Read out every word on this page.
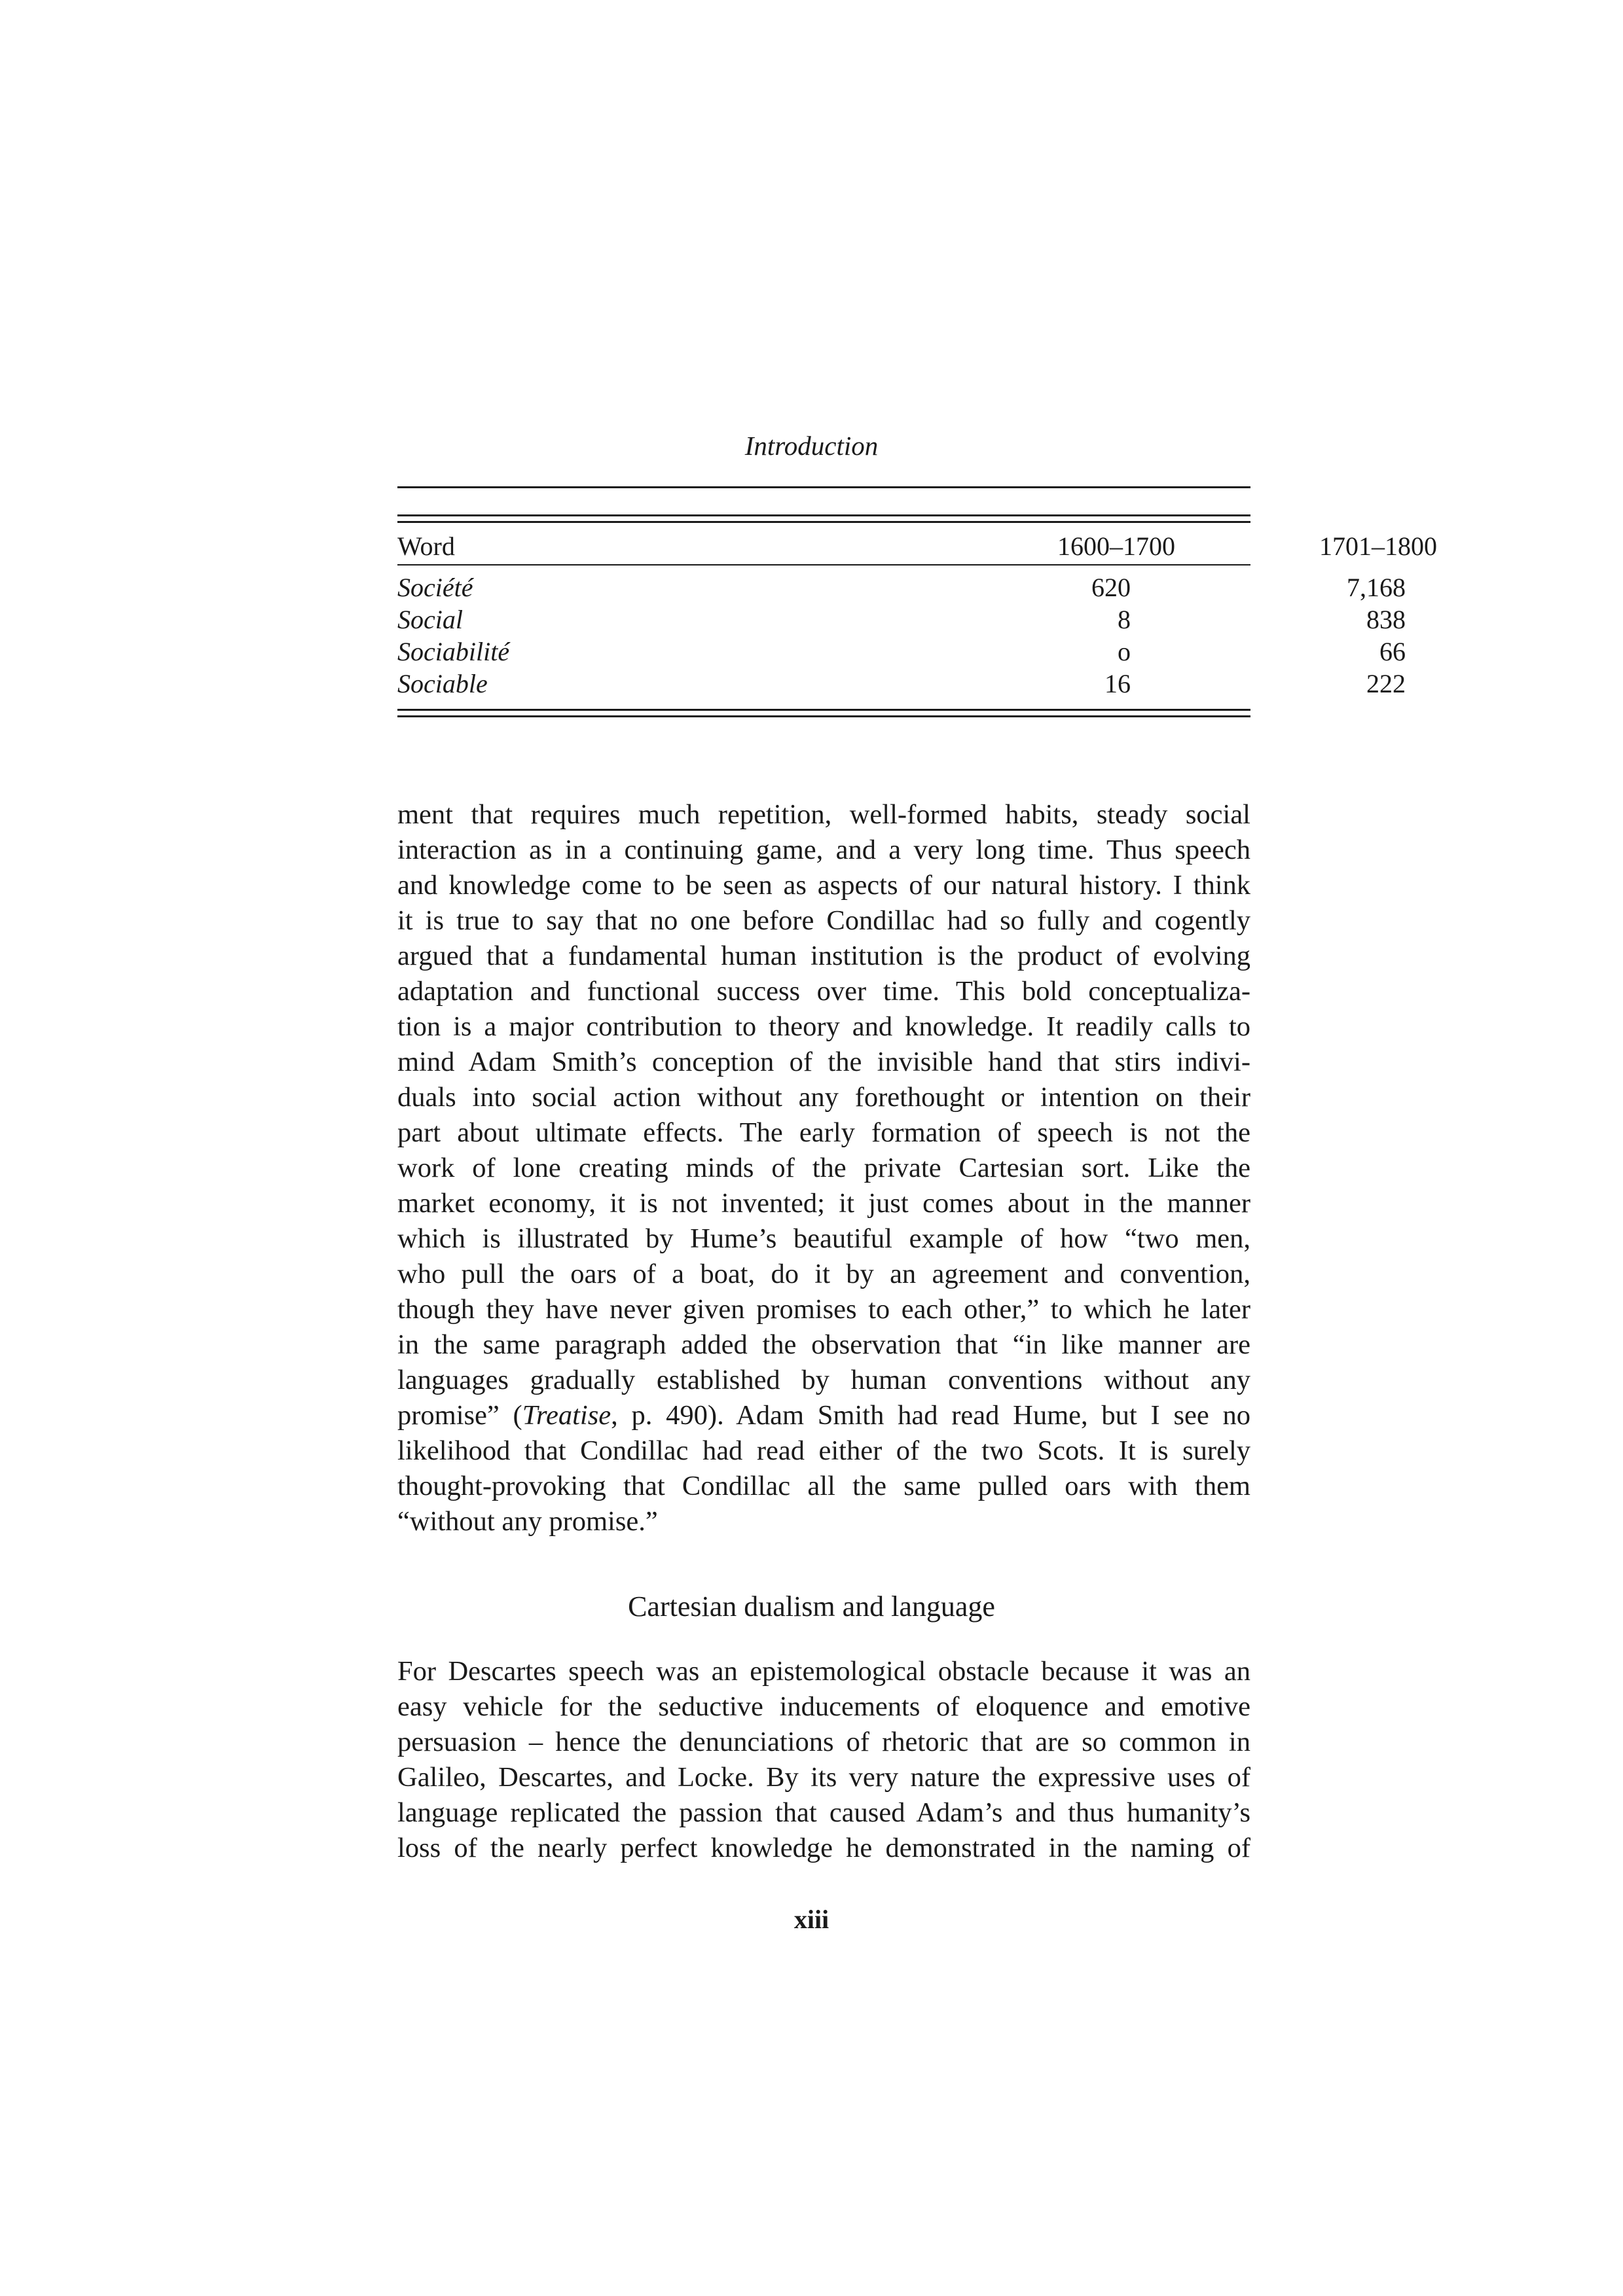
Introduction
Word	1600–1700	1701–1800
Société	620	7,168
Social	8	838
Sociabilité	o	66
Sociable	16	222
ment that requires much repetition, well-formed habits, steady social
interaction as in a continuing game, and a very long time. Thus speech
and knowledge come to be seen as aspects of our natural history. I think
it is true to say that no one before Condillac had so fully and cogently
argued that a fundamental human institution is the product of evolving
adaptation and functional success over time. This bold conceptualiza-
tion is a major contribution to theory and knowledge. It readily calls to
mind Adam Smith’s conception of the invisible hand that stirs indivi-
duals into social action without any forethought or intention on their
part about ultimate effects. The early formation of speech is not the
work of lone creating minds of the private Cartesian sort. Like the
market economy, it is not invented; it just comes about in the manner
which is illustrated by Hume’s beautiful example of how “two men,
who pull the oars of a boat, do it by an agreement and convention,
though they have never given promises to each other,” to which he later
in the same paragraph added the observation that “in like manner are
languages gradually established by human conventions without any
promise” (Treatise, p. 490). Adam Smith had read Hume, but I see no
likelihood that Condillac had read either of the two Scots. It is surely
thought-provoking that Condillac all the same pulled oars with them
“without any promise.”
Cartesian dualism and language
For Descartes speech was an epistemological obstacle because it was an
easy vehicle for the seductive inducements of eloquence and emotive
persuasion – hence the denunciations of rhetoric that are so common in
Galileo, Descartes, and Locke. By its very nature the expressive uses of
language replicated the passion that caused Adam’s and thus humanity’s
loss of the nearly perfect knowledge he demonstrated in the naming of
xiii
